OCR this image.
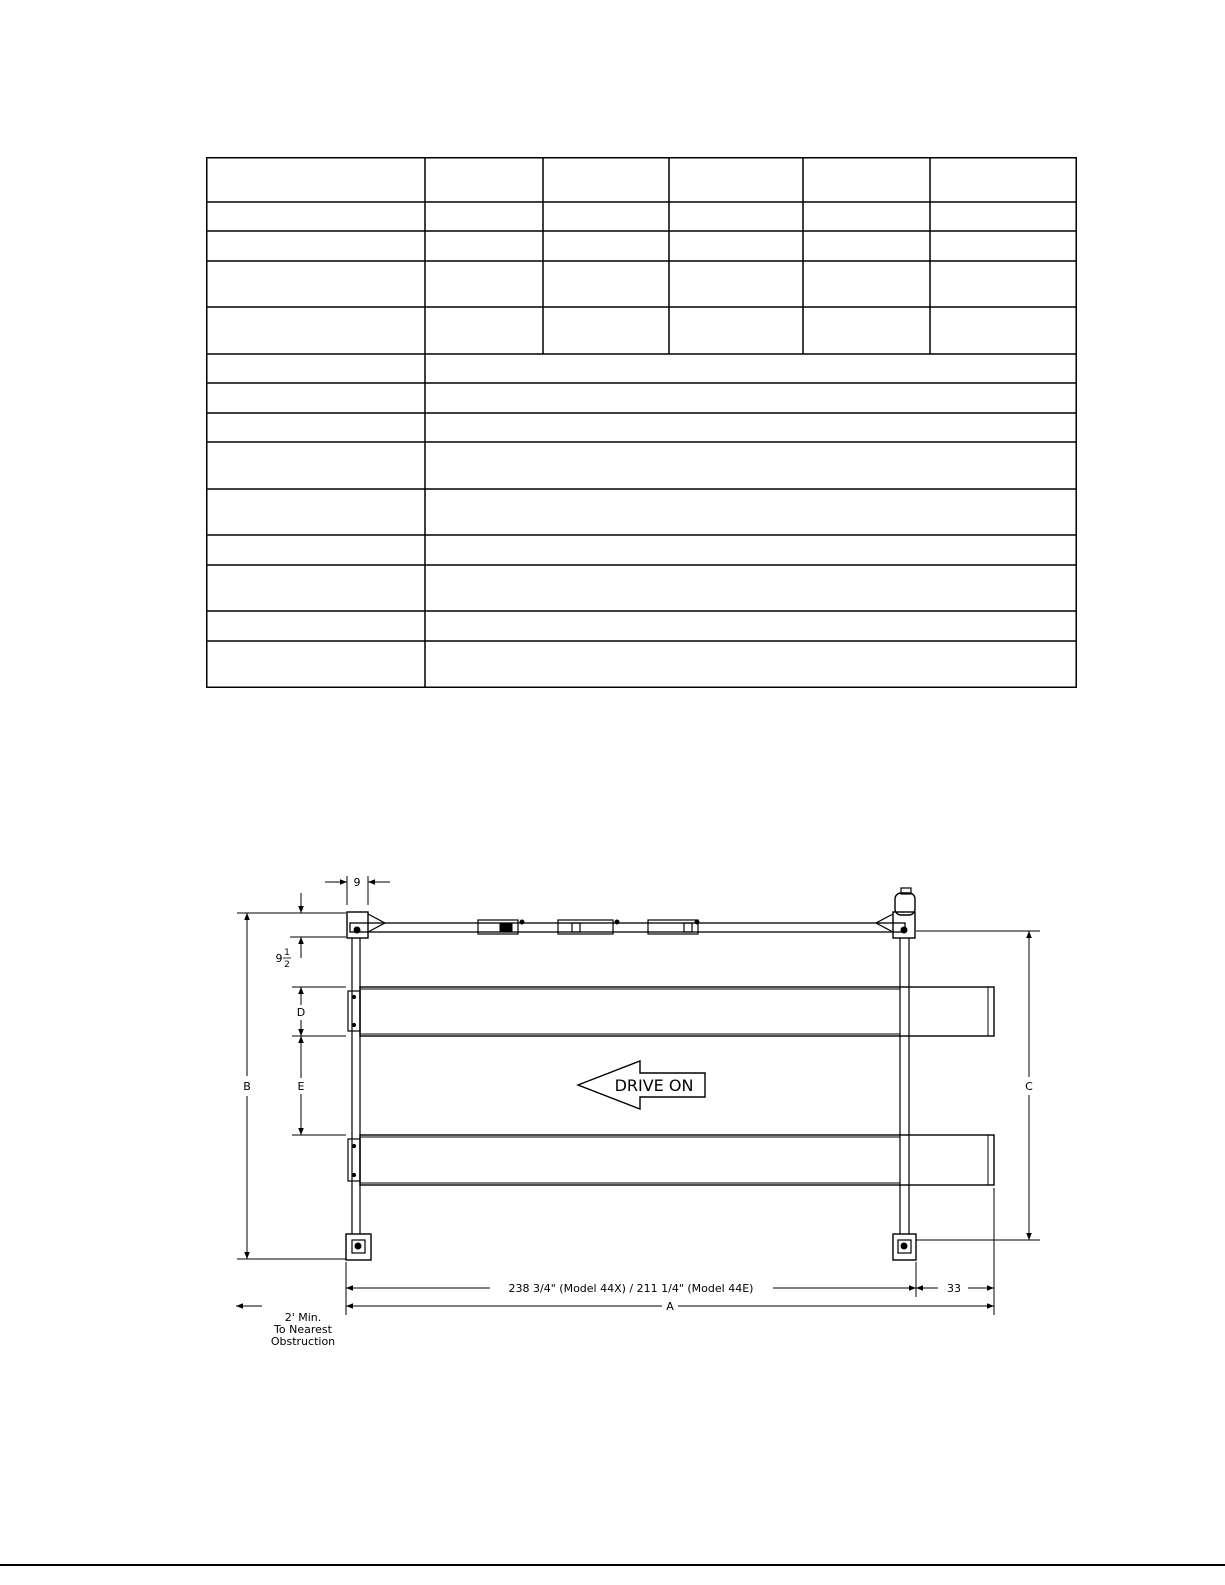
DRIVE ON
9
9 1
2
B
D
E	C
238 3/4" (Model 44X) / 211 1/4" (Model 44E)	33
A
2' Min.
To Nearest
Obstruction
